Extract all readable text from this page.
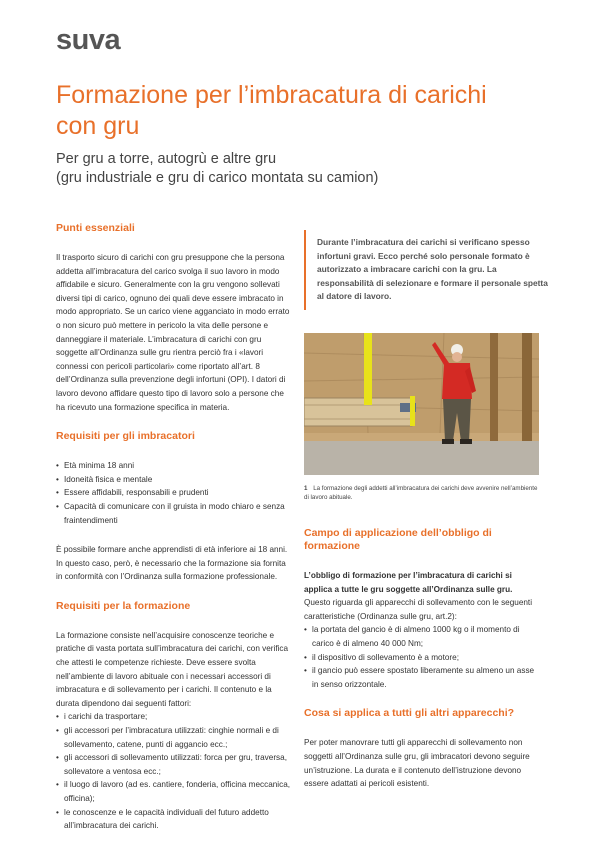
suva
Formazione per l’imbracatura di carichi con gru
Per gru a torre, autogrù e altre gru
(gru industriale e gru di carico montata su camion)
Punti essenziali

Il trasporto sicuro di carichi con gru presuppone che la persona addetta all’imbracatura del carico svolga il suo lavoro in modo affidabile e sicuro. Generalmente con la gru vengono sollevati diversi tipi di carico, ognuno dei quali deve essere imbracato in modo appropriato. Se un carico viene agganciato in modo errato o non sicuro può mettere in pericolo la vita delle persone e danneggiare il materiale. L’imbracatura di carichi con gru soggette all’Ordinanza sulle gru rientra perciò fra i «lavori connessi con pericoli particolari» come riportato all’art. 8 dell’Ordinanza sulla prevenzione degli infortuni (OPI). I datori di lavoro devono affidare questo tipo di lavoro solo a persone che ha ricevuto una formazione specifica in materia.

Requisiti per gli imbracatori
• Età minima 18 anni
• Idoneità fisica e mentale
• Essere affidabili, responsabili e prudenti
• Capacità di comunicare con il gruista in modo chiaro e senza fraintendimenti

È possibile formare anche apprendisti di età inferiore ai 18 anni. In questo caso, però, è necessario che la formazione sia fornita in conformità con l’Ordinanza sulla formazione professionale.

Requisiti per la formazione

La formazione consiste nell’acquisire conoscenze teoriche e pratiche di vasta portata sull’imbracatura dei carichi, con verifica che attesti le competenze richieste. Deve essere svolta nell’ambiente di lavoro abituale con i necessari accessori di imbracatura e di sollevamento per i carichi. Il contenuto e la durata dipendono dai seguenti fattori:

• i carichi da trasportare;
• gli accessori per l’imbracatura utilizzati: cinghie normali e di sollevamento, catene, punti di aggancio ecc.;
• gli accessori di sollevamento utilizzati: forca per gru, traversa, sollevatore a ventosa ecc.;
• il luogo di lavoro (ad es. cantiere, fonderia, officina meccanica, officina);
• le conoscenze e le capacità individuali del futuro addetto all’imbracatura dei carichi.

Durante l’imbracatura dei carichi si verificano spesso infortuni gravi. Ecco perché solo personale formato è autorizzato a imbracare carichi con la gru. La responsabilità di selezionare e formare il personale spetta al datore di lavoro.

1 La formazione degli addetti all’imbracatura dei carichi deve avvenire nell’ambiente di lavoro abituale.
Campo di applicazione dell’obbligo di formazione

L’obbligo di formazione per l’imbracatura di carichi si applica a tutte le gru soggette all’Ordinanza sulle gru. Questo riguarda gli apparecchi di sollevamento con le seguenti caratteristiche (Ordinanza sulle gru, art.2):

• la portata del gancio è di almeno 1000 kg o il momento di carico è di almeno 40 000 Nm;
• il dispositivo di sollevamento è a motore;
• il gancio può essere spostato liberamente su almeno un asse in senso orizzontale.
Cosa si applica a tutti gli altri apparecchi?

Per poter manovrare tutti gli apparecchi di sollevamento non soggetti all’Ordinanza sulle gru, gli imbracatori devono seguire un’istruzione. La durata e il contenuto dell’istruzione devono essere adattati ai pericoli esistenti.
